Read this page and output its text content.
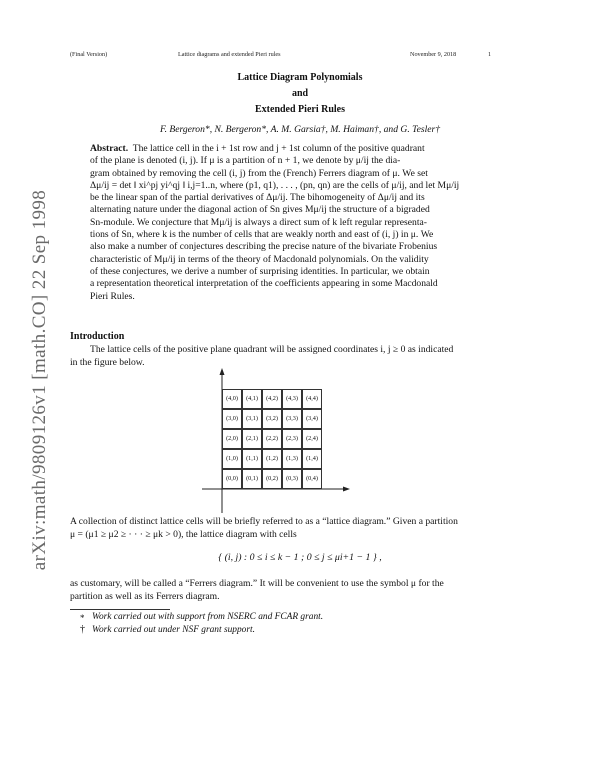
(Final Version)	Lattice diagrams and extended Pieri rules	November 9, 2018	1
arXiv:math/9809126v1 [math.CO] 22 Sep 1998
Lattice Diagram Polynomials
and
Extended Pieri Rules
F. Bergeron*, N. Bergeron*, A. M. Garsia†, M. Haiman†, and G. Tesler†
Abstract. The lattice cell in the i + 1st row and j + 1st column of the positive quadrant
of the plane is denoted (i, j). If μ is a partition of n + 1, we denote by μ/ij the dia-
gram obtained by removing the cell (i, j) from the (French) Ferrers diagram of μ. We set
Δμ/ij = det ‖ xi^pj yi^qj ‖ i,j=1..n, where (p1, q1), . . . , (pn, qn) are the cells of μ/ij, and let Mμ/ij
be the linear span of the partial derivatives of Δμ/ij. The bihomogeneity of Δμ/ij and its
alternating nature under the diagonal action of Sn gives Mμ/ij the structure of a bigraded
Sn-module. We conjecture that Mμ/ij is always a direct sum of k left regular representa-
tions of Sn, where k is the number of cells that are weakly north and east of (i, j) in μ. We
also make a number of conjectures describing the precise nature of the bivariate Frobenius
characteristic of Mμ/ij in terms of the theory of Macdonald polynomials. On the validity
of these conjectures, we derive a number of surprising identities. In particular, we obtain
a representation theoretical interpretation of the coefficients appearing in some Macdonald
Pieri Rules.
Introduction
The lattice cells of the positive plane quadrant will be assigned coordinates i, j ≥ 0 as indicated
in the figure below.
(4,0)	(4,1)	(4,2)	(4,3)	(4,4)
(3,0)	(3,1)	(3,2)	(3,3)	(3,4)
(2,0)	(2,1)	(2,2)	(2,3)	(2,4)
(1,0)	(1,1)	(1,2)	(1,3)	(1,4)
(0,0)	(0,1)	(0,2)	(0,3)	(0,4)
A collection of distinct lattice cells will be briefly referred to as a “lattice diagram.” Given a partition
μ = (μ1 ≥ μ2 ≥ · · · ≥ μk > 0), the lattice diagram with cells
{ (i, j) : 0 ≤ i ≤ k − 1 ; 0 ≤ j ≤ μi+1 − 1 } ,
as customary, will be called a “Ferrers diagram.” It will be convenient to use the symbol μ for the
partition as well as its Ferrers diagram.
* Work carried out with support from NSERC and FCAR grant.
† Work carried out under NSF grant support.
